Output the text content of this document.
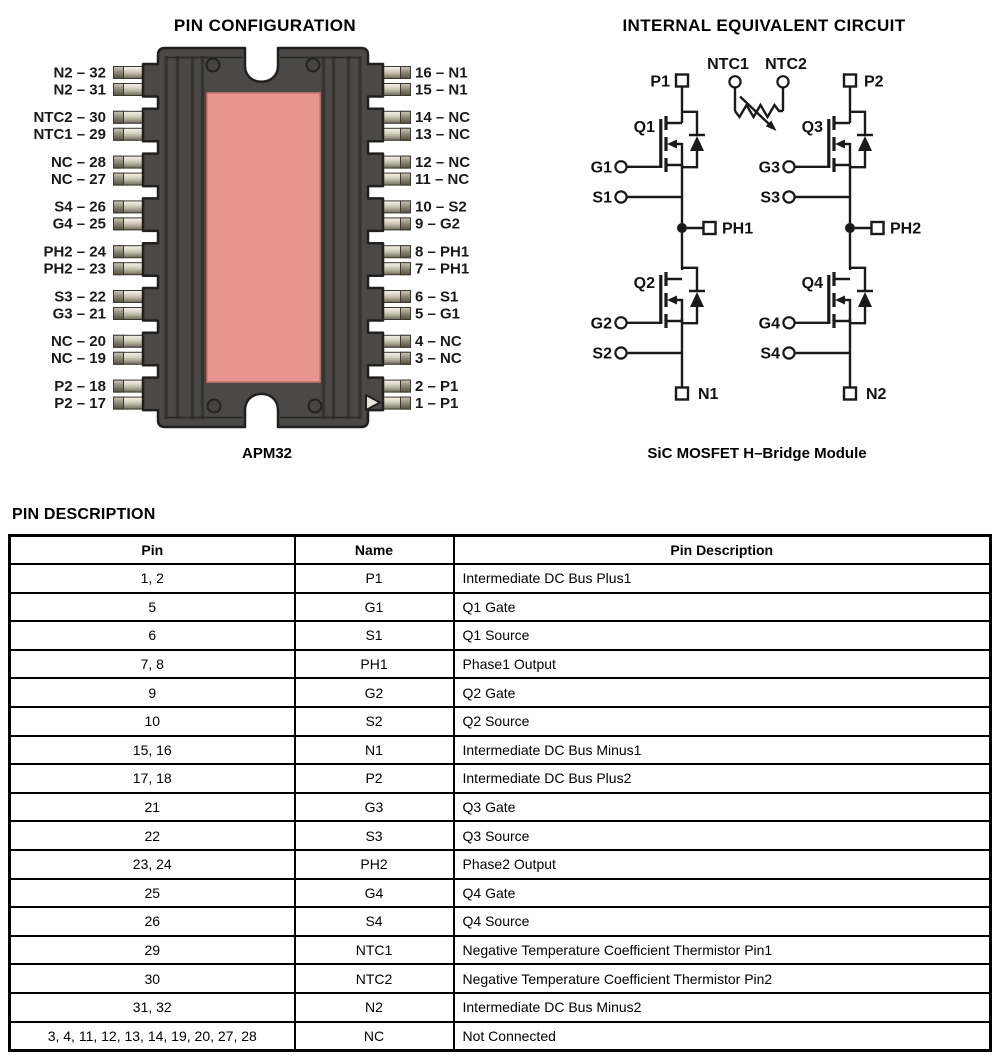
PIN CONFIGURATION	INTERNAL EQUIVALENT CIRCUIT
N2 – 32
N2 – 31
NTC2 – 30
NTC1 – 29
NC – 28
NC – 27
S4 – 26
G4 – 25
PH2 – 24
PH2 – 23
S3 – 22
G3 – 21
NC – 20
NC – 19
P2 – 18
P2 – 17
16 – N1
15 – N1
14 – NC
13 – NC
12 – NC
11 – NC
10 – S2
9 – G2
8 – PH1
7 – PH1
6 – S1
5 – G1
4 – NC
3 – NC
2 – P1
1 – P1
APM32
P1	P2
NTC1 NTC2
PH1	PH2
N1	N2
Q1
G1
S1
Q2
G2
S2
Q3
G3
S3
Q4
G4
S4
SiC MOSFET H–Bridge Module
PIN DESCRIPTION
Pin	Name	Pin Description
1, 2	P1	Intermediate DC Bus Plus1
5	G1	Q1 Gate
6	S1	Q1 Source
7, 8	PH1	Phase1 Output
9	G2	Q2 Gate
10	S2	Q2 Source
15, 16	N1	Intermediate DC Bus Minus1
17, 18	P2	Intermediate DC Bus Plus2
21	G3	Q3 Gate
22	S3	Q3 Source
23, 24	PH2	Phase2 Output
25	G4	Q4 Gate
26	S4	Q4 Source
29	NTC1	Negative Temperature Coefficient Thermistor Pin1
30	NTC2	Negative Temperature Coefficient Thermistor Pin2
31, 32	N2	Intermediate DC Bus Minus2
3, 4, 11, 12, 13, 14, 19, 20, 27, 28	NC	Not Connected
